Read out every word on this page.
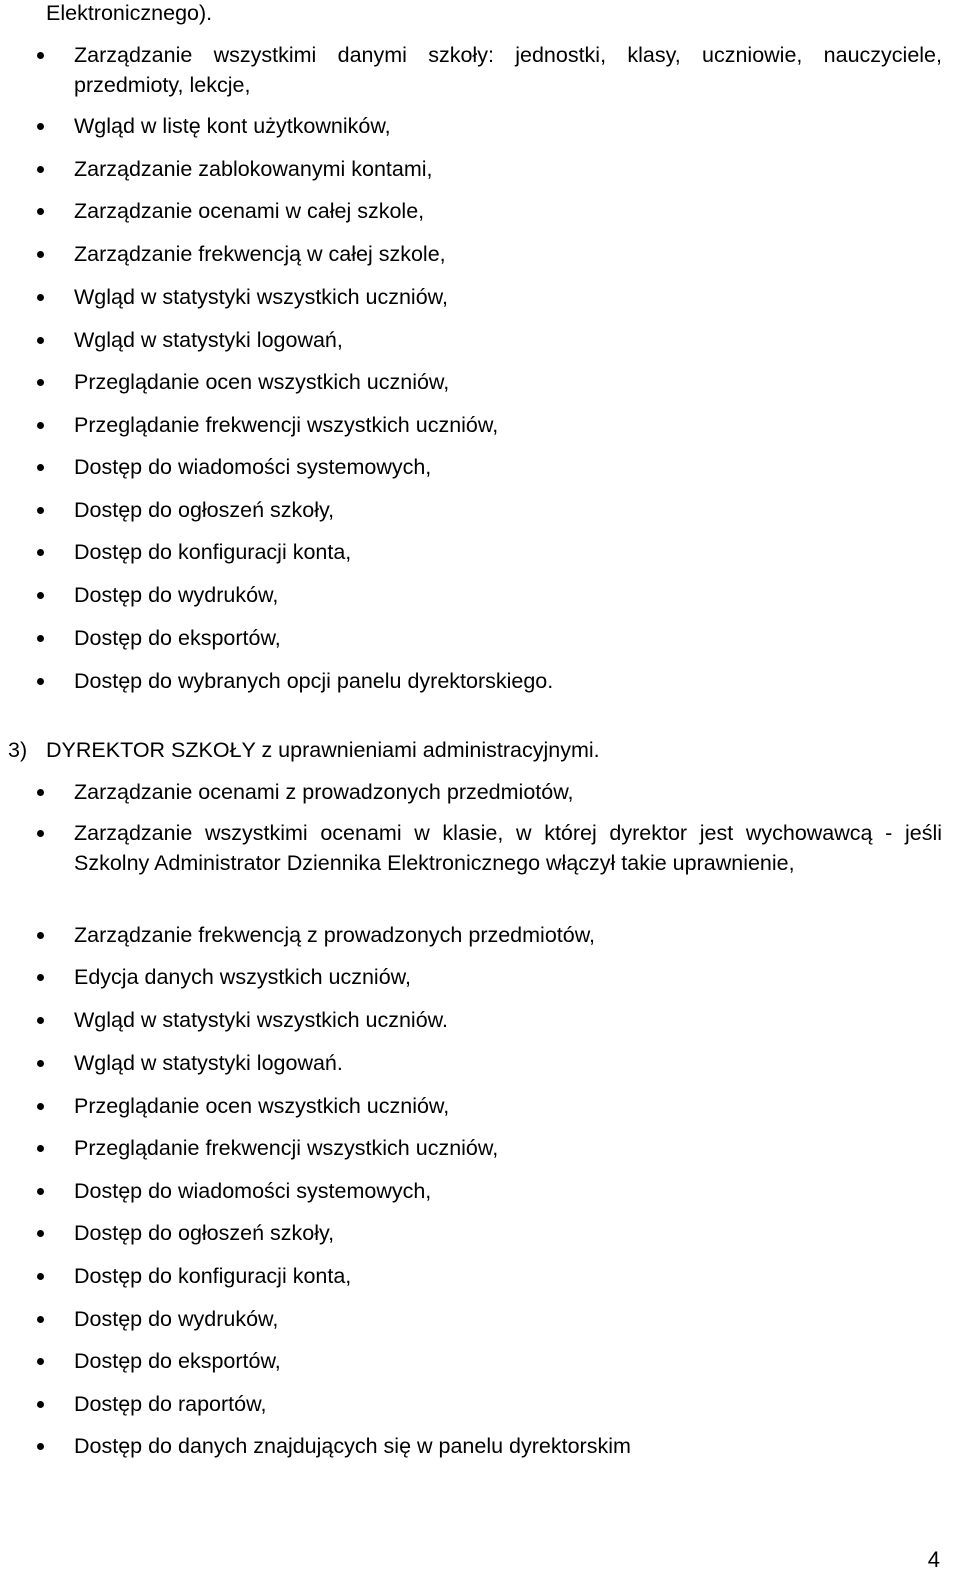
Elektronicznego).
Zarządzanie wszystkimi danymi szkoły: jednostki, klasy, uczniowie, nauczyciele, przedmioty, lekcje,
Wgląd w listę kont użytkowników,
Zarządzanie zablokowanymi kontami,
Zarządzanie ocenami w całej szkole,
Zarządzanie frekwencją w całej szkole,
Wgląd w statystyki wszystkich uczniów,
Wgląd w statystyki logowań,
Przeglądanie ocen wszystkich uczniów,
Przeglądanie frekwencji wszystkich uczniów,
Dostęp do wiadomości systemowych,
Dostęp do ogłoszeń szkoły,
Dostęp do konfiguracji konta,
Dostęp do wydruków,
Dostęp do eksportów,
Dostęp do wybranych opcji panelu dyrektorskiego.
3) DYREKTOR SZKOŁY z uprawnieniami administracyjnymi.
Zarządzanie ocenami z prowadzonych przedmiotów,
Zarządzanie wszystkimi ocenami w klasie, w której dyrektor jest wychowawcą - jeśli Szkolny Administrator Dziennika Elektronicznego włączył takie uprawnienie,
Zarządzanie frekwencją z prowadzonych przedmiotów,
Edycja danych wszystkich uczniów,
Wgląd w statystyki wszystkich uczniów.
Wgląd w statystyki logowań.
Przeglądanie ocen wszystkich uczniów,
Przeglądanie frekwencji wszystkich uczniów,
Dostęp do wiadomości systemowych,
Dostęp do ogłoszeń szkoły,
Dostęp do konfiguracji konta,
Dostęp do wydruków,
Dostęp do eksportów,
Dostęp do raportów,
Dostęp do danych znajdujących się w panelu dyrektorskim
4
